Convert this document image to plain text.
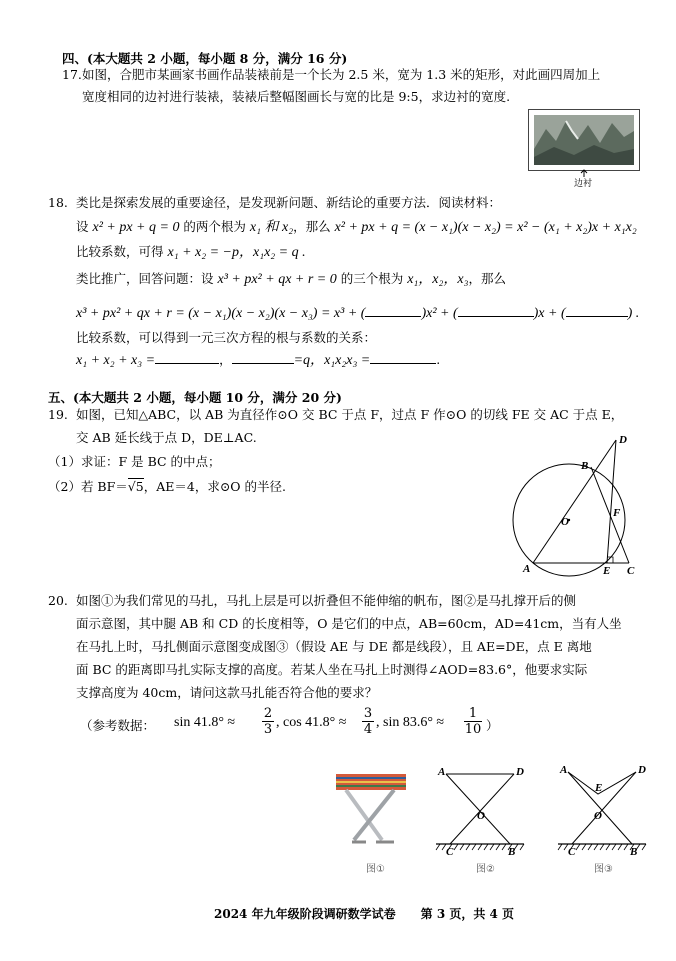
四、(本大题共 2 小题，每小题 8 分，满分 16 分)
17. 如图，合肥市某画家书画作品装裱前是一个长为 2.5 米，宽为 1.3 米的矩形，对此画四周加上
宽度相同的边衬进行装裱，装裱后整幅图画长与宽的比是 9:5，求边衬的宽度.
边衬
18. 类比是探索发展的重要途径，是发现新问题、新结论的重要方法．阅读材料：
设 x² + px + q = 0 的两个根为 x₁ 和 x₂，那么 x² + px + q = (x − x₁)(x − x₂) = x² − (x₁ + x₂)x + x₁x₂
比较系数，可得 x₁ + x₂ = −p，x₁x₂ = q .
类比推广，回答问题：设 x³ + px² + qx + r = 0 的三个根为 x₁，x₂，x₃，那么
x³ + px² + qx + r = (x − x₁)(x − x₂)(x − x₃) = x³ + (	)x² + (	)x + (	) .
比较系数，可以得到一元三次方程的根与系数的关系：
x₁ + x₂ + x₃ =	，	=q，x₁x₂x₃ =	.
五、(本大题共 2 小题，每小题 10 分，满分 20 分)
19. 如图，已知△ABC，以 AB 为直径作⊙O 交 BC 于点 F，过点 F 作⊙O 的切线 FE 交 AC 于点 E，
交 AB 延长线于点 D，DE⊥AC.
（1）求证：F 是 BC 的中点；
（2）若 BF＝√5，AE＝4，求⊙O 的半径.
D
B
O
F
A	E C
20. 如图①为我们常见的马扎，马扎上层是可以折叠但不能伸缩的帆布，图②是马扎撑开后的侧
面示意图，其中腿 AB 和 CD 的长度相等，O 是它们的中点，AB=60cm，AD=41cm，当有人坐
在马扎上时，马扎侧面示意图变成图③（假设 AE 与 DE 都是线段），且 AE=DE，点 E 离地
面 BC 的距离即马扎实际支撑的高度。若某人坐在马扎上时测得∠AOD=83.6°，他要求实际
支撑高度为 40cm，请问这款马扎能否符合他的要求？
（参考数据： $\sin 41.8^\circ \approx \frac{2}{3}$ , $\cos 41.8^\circ \approx \frac{3}{4}$ , $\sin 83.6^\circ \approx \frac{1}{10}$ ）
图①
A	D
O
C	B
图②
A	D
E
O
C	B
图③
2024 年九年级阶段调研数学试卷      第 3 页，共 4 页
